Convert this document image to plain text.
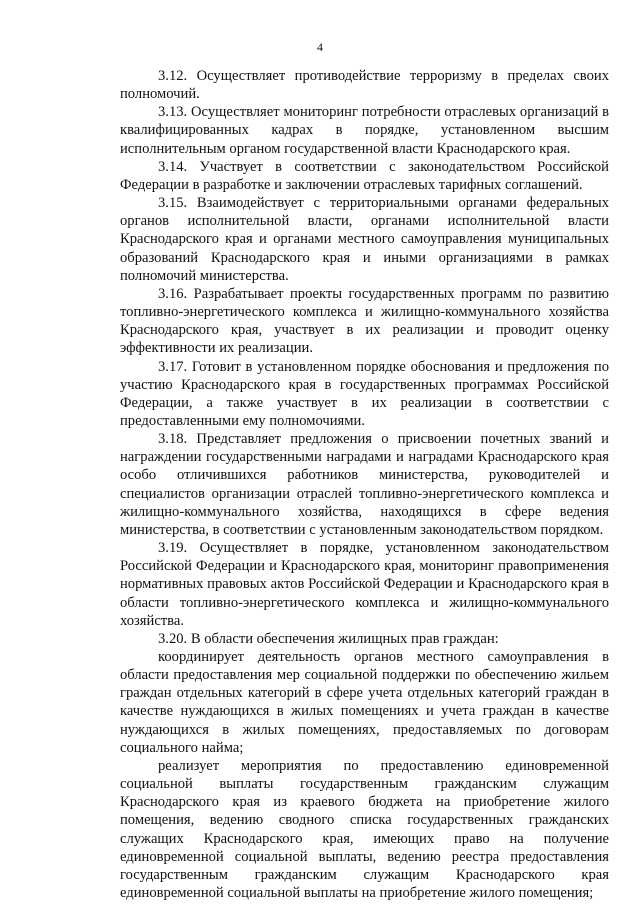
4

3.12. Осуществляет противодействие терроризму в пределах своих полномочий.

3.13. Осуществляет мониторинг потребности отраслевых организаций в квалифицированных кадрах в порядке, установленном высшим исполнительным органом государственной власти Краснодарского края.

3.14. Участвует в соответствии с законодательством Российской Федерации в разработке и заключении отраслевых тарифных соглашений.

3.15. Взаимодействует с территориальными органами федеральных органов исполнительной власти, органами исполнительной власти Краснодарского края и органами местного самоуправления муниципальных образований Краснодарского края и иными организациями в рамках полномочий министерства.

3.16. Разрабатывает проекты государственных программ по развитию топливно-энергетического комплекса и жилищно-коммунального хозяйства Краснодарского края, участвует в их реализации и проводит оценку эффективности их реализации.

3.17. Готовит в установленном порядке обоснования и предложения по участию Краснодарского края в государственных программах Российской Федерации, а также участвует в их реализации в соответствии с предоставленными ему полномочиями.

3.18. Представляет предложения о присвоении почетных званий и награждении государственными наградами и наградами Краснодарского края особо отличившихся работников министерства, руководителей и специалистов организации отраслей топливно-энергетического комплекса и жилищно-коммунального хозяйства, находящихся в сфере ведения министерства, в соответствии с установленным законодательством порядком.

3.19. Осуществляет в порядке, установленном законодательством Российской Федерации и Краснодарского края, мониторинг правоприменения нормативных правовых актов Российской Федерации и Краснодарского края в области топливно-энергетического комплекса и жилищно-коммунального хозяйства.

3.20. В области обеспечения жилищных прав граждан:

координирует деятельность органов местного самоуправления в области предоставления мер социальной поддержки по обеспечению жильем граждан отдельных категорий в сфере учета отдельных категорий граждан в качестве нуждающихся в жилых помещениях и учета граждан в качестве нуждающихся в жилых помещениях, предоставляемых по договорам социального найма;

реализует мероприятия по предоставлению единовременной социальной выплаты государственным гражданским служащим Краснодарского края из краевого бюджета на приобретение жилого помещения, ведению сводного списка государственных гражданских служащих Краснодарского края, имеющих право на получение единовременной социальной выплаты, ведению реестра предоставления государственным гражданским служащим Краснодарского края единовременной социальной выплаты на приобретение жилого помещения;
